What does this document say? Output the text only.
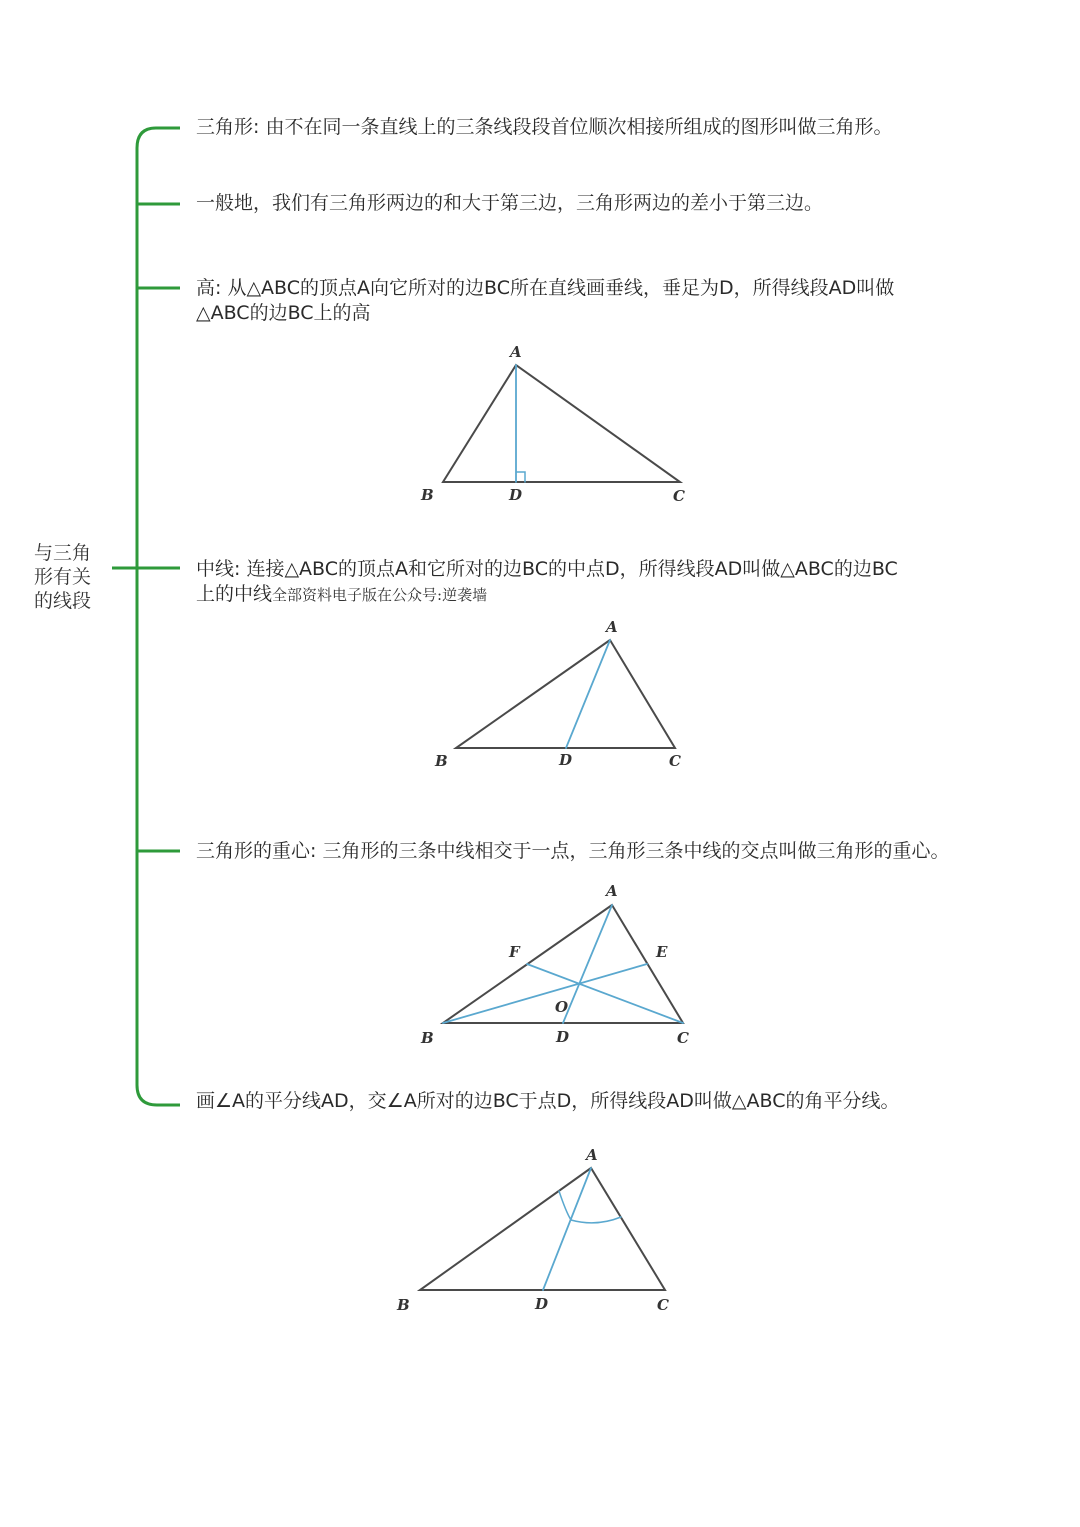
与三角
形有关
的线段
三角形: 由不在同一条直线上的三条线段段首位顺次相接所组成的图形叫做三角形。
一般地，我们有三角形两边的和大于第三边，三角形两边的差小于第三边。
高: 从△ABC的顶点A向它所对的边BC所在直线画垂线，垂足为D，所得线段AD叫做
△ABC的边BC上的高
中线: 连接△ABC的顶点A和它所对的边BC的中点D，所得线段AD叫做△ABC的边BC
上的中线全部资料电子版在公众号:逆袭墙
三角形的重心: 三角形的三条中线相交于一点，三角形三条中线的交点叫做三角形的重心。
画∠A的平分线AD，交∠A所对的边BC于点D，所得线段AD叫做△ABC的角平分线。
A
B	D	C
A
B	D	C
A
F	E
O
B	D	C
A
B	D	C
